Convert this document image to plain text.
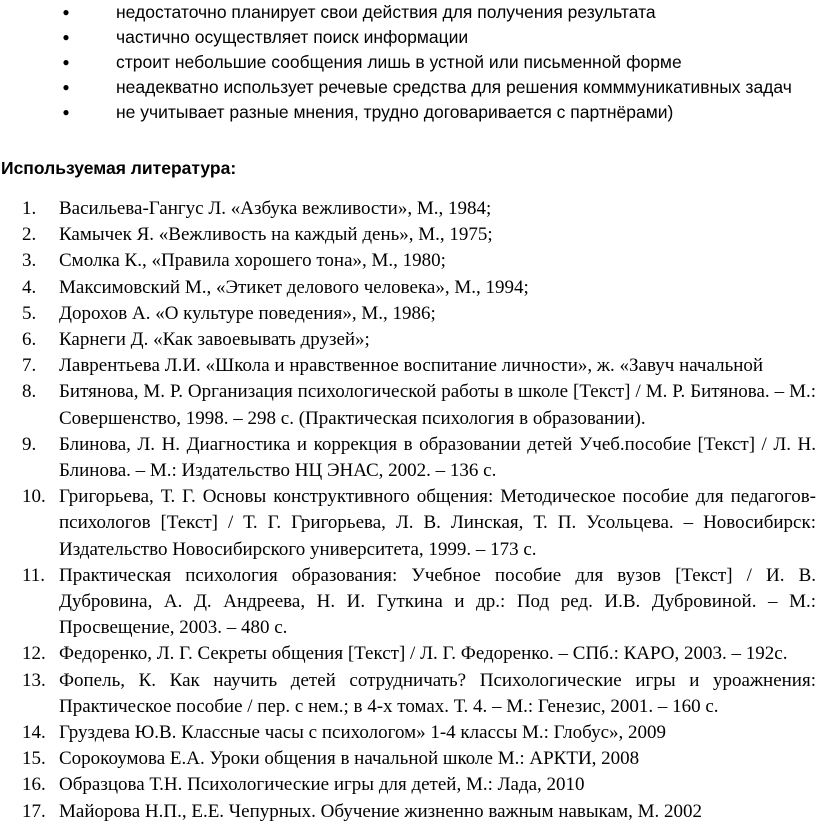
●	недостаточно планирует свои действия для получения результата
●	частично осуществляет поиск информации
●	строит небольшие сообщения лишь в устной или письменной форме
●	неадекватно использует речевые средства для решения комммуникативных задач
●	не учитывает разные мнения, трудно договаривается с партнёрами)
Используемая литература:
1.	Васильева-Гангус Л. «Азбука вежливости», М., 1984;
2.	Камычек Я. «Вежливость на каждый день», М., 1975;
3.	Смолка К., «Правила хорошего тона», М., 1980;
4.	Максимовский М., «Этикет делового человека», М., 1994;
5.	Дорохов А. «О культуре поведения», М., 1986;
6.	Карнеги Д. «Как завоевывать друзей»;
7.	Лаврентьева Л.И. «Школа и нравственное воспитание личности», ж. «Завуч начальной
8.	Битянова, М. Р. Организация психологической работы в школе [Текст] / М. Р. Битянова. – М.: Совершенство, 1998. – 298 с. (Практическая психология в образовании).
9.	Блинова, Л. Н. Диагностика и коррекция в образовании детей Учеб.пособие [Текст] / Л. Н. Блинова. – М.: Издательство НЦ ЭНАС, 2002. – 136 с.
10. Григорьева, Т. Г. Основы конструктивного общения: Методическое пособие для педагогов-психологов [Текст] / Т. Г. Григорьева, Л. В. Линская, Т. П. Усольцева. – Новосибирск: Издательство Новосибирского университета, 1999. – 173 с.
11. Практическая психология образования: Учебное пособие для вузов [Текст] / И. В. Дубровина, А. Д. Андреева, Н. И. Гуткина и др.: Под ред. И.В. Дубровиной. – М.: Просвещение, 2003. – 480 с.
12. Федоренко, Л. Г. Секреты общения [Текст] / Л. Г. Федоренко. – СПб.: КАРО, 2003. – 192с.
13. Фопель, К. Как научить детей сотрудничать? Психологические игры и уроажнения: Практическое пособие / пер. с нем.; в 4-х томах. Т. 4. – М.: Генезис, 2001. – 160 с.
14. Груздева Ю.В. Классные часы с психологом» 1-4 классы М.: Глобус», 2009
15. Сорокоумова Е.А. Уроки общения в начальной школе М.: АРКТИ, 2008
16. Образцова Т.Н. Психологические игры для детей, М.: Лада, 2010
17. Майорова Н.П., Е.Е. Чепурных. Обучение жизненно важным навыкам, М. 2002
